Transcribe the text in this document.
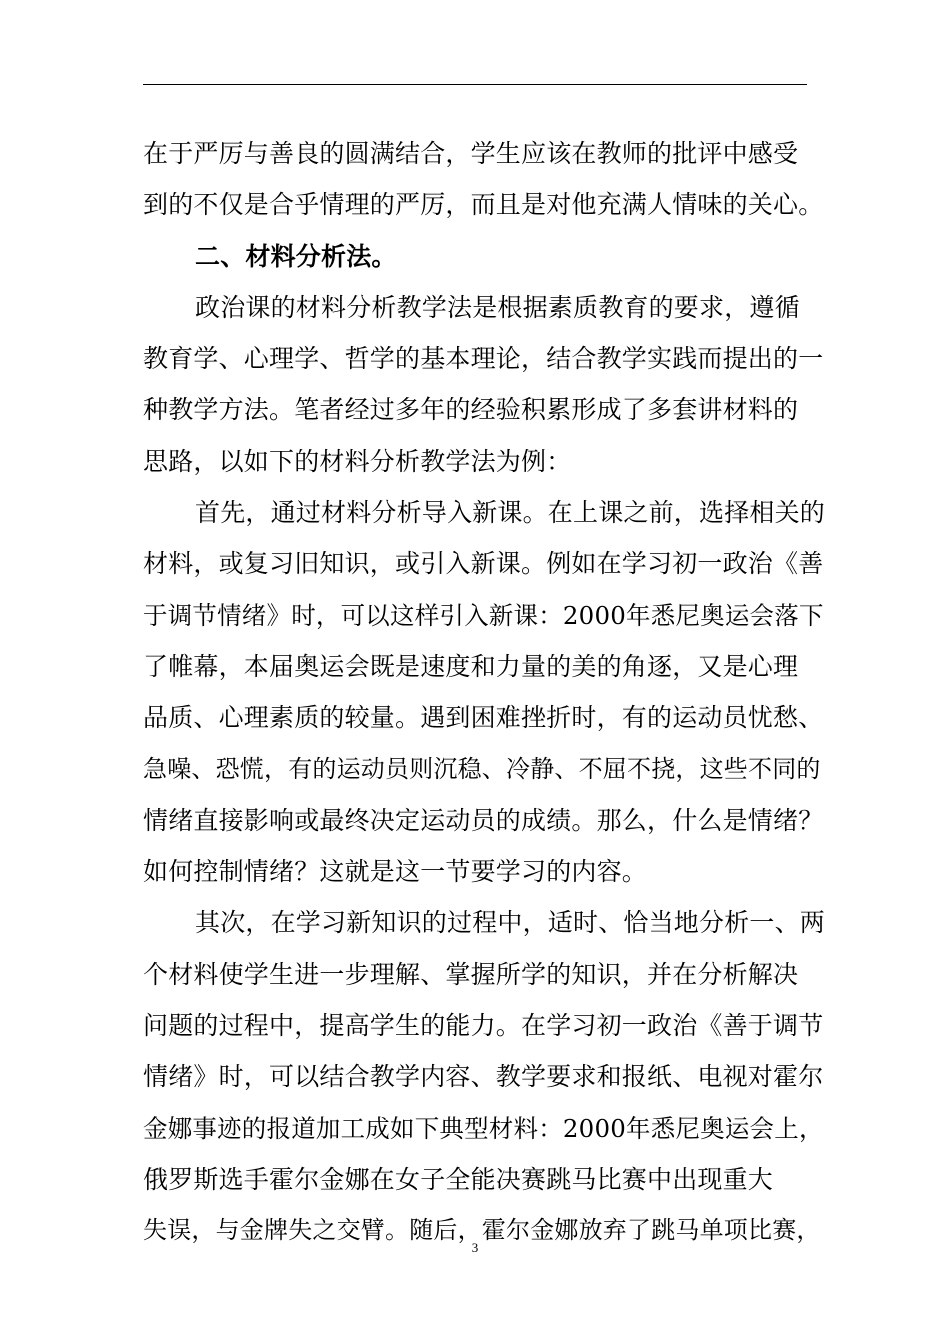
在于严厉与善良的圆满结合，学生应该在教师的批评中感受
到的不仅是合乎情理的严厉，而且是对他充满人情味的关心。
二、材料分析法。
政治课的材料分析教学法是根据素质教育的要求，遵循
教育学、心理学、哲学的基本理论，结合教学实践而提出的一
种教学方法。笔者经过多年的经验积累形成了多套讲材料的
思路，以如下的材料分析教学法为例：
首先，通过材料分析导入新课。在上课之前，选择相关的
材料，或复习旧知识，或引入新课。例如在学习初一政治《善
于调节情绪》时，可以这样引入新课：2000年悉尼奥运会落下
了帷幕，本届奥运会既是速度和力量的美的角逐，又是心理
品质、心理素质的较量。遇到困难挫折时，有的运动员忧愁、
急噪、恐慌，有的运动员则沉稳、冷静、不屈不挠，这些不同的
情绪直接影响或最终决定运动员的成绩。那么，什么是情绪？
如何控制情绪？这就是这一节要学习的内容。
其次，在学习新知识的过程中，适时、恰当地分析一、两
个材料使学生进一步理解、掌握所学的知识，并在分析解决
问题的过程中，提高学生的能力。在学习初一政治《善于调节
情绪》时，可以结合教学内容、教学要求和报纸、电视对霍尔
金娜事迹的报道加工成如下典型材料：2000年悉尼奥运会上，
俄罗斯选手霍尔金娜在女子全能决赛跳马比赛中出现重大
失误，与金牌失之交臂。随后，霍尔金娜放弃了跳马单项比赛，
3
